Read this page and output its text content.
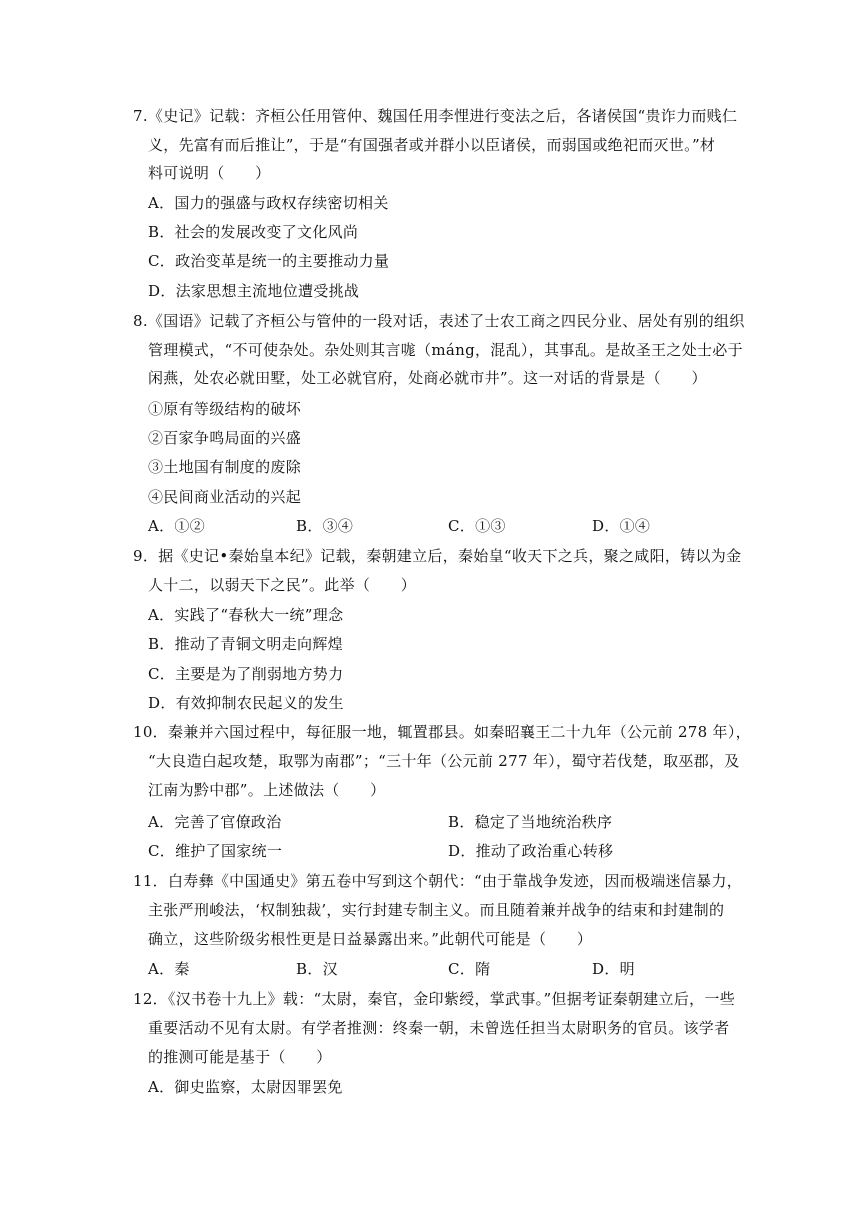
7.《史记》记载：齐桓公任用管仲、魏国任用李悝进行变法之后，各诸侯国“贵诈力而贱仁
义，先富有而后推让”，于是“有国强者或并群小以臣诸侯，而弱国或绝祀而灭世。”材
料可说明（　　）
A．国力的强盛与政权存续密切相关
B．社会的发展改变了文化风尚
C．政治变革是统一的主要推动力量
D．法家思想主流地位遭受挑战
8.《国语》记载了齐桓公与管仲的一段对话，表述了士农工商之四民分业、居处有别的组织
管理模式，“不可使杂处。杂处则其言哤（máng，混乱），其事乱。是故圣王之处士必于
闲燕，处农必就田墅，处工必就官府，处商必就市井”。这一对话的背景是（　　）
①原有等级结构的破坏
②百家争鸣局面的兴盛
③土地国有制度的废除
④民间商业活动的兴起
A．①②	B．③④	C．①③	D．①④
9．据《史记•秦始皇本纪》记载，秦朝建立后，秦始皇“收天下之兵，聚之咸阳，铸以为金
人十二，以弱天下之民”。此举（　　）
A．实践了“春秋大一统”理念
B．推动了青铜文明走向辉煌
C．主要是为了削弱地方势力
D．有效抑制农民起义的发生
10．秦兼并六国过程中，每征服一地，辄置郡县。如秦昭襄王二十九年（公元前 278 年），
“大良造白起攻楚，取鄂为南郡”；“三十年（公元前 277 年），蜀守若伐楚，取巫郡，及
江南为黔中郡”。上述做法（　　）
A．完善了官僚政治	B．稳定了当地统治秩序
C．维护了国家统一	D．推动了政治重心转移
11．白寿彝《中国通史》第五卷中写到这个朝代：“由于靠战争发迹，因而极端迷信暴力，
主张严刑峻法，‘权制独裁’，实行封建专制主义。而且随着兼并战争的结束和封建制的
确立，这些阶级劣根性更是日益暴露出来。”此朝代可能是（　　）
A．秦	B．汉	C．隋	D．明
12．《汉书卷十九上》载：“太尉，秦官，金印紫绶，掌武事。”但据考证秦朝建立后，一些
重要活动不见有太尉。有学者推测：终秦一朝，未曾选任担当太尉职务的官员。该学者
的推测可能是基于（　　）
A．御史监察，太尉因罪罢免
